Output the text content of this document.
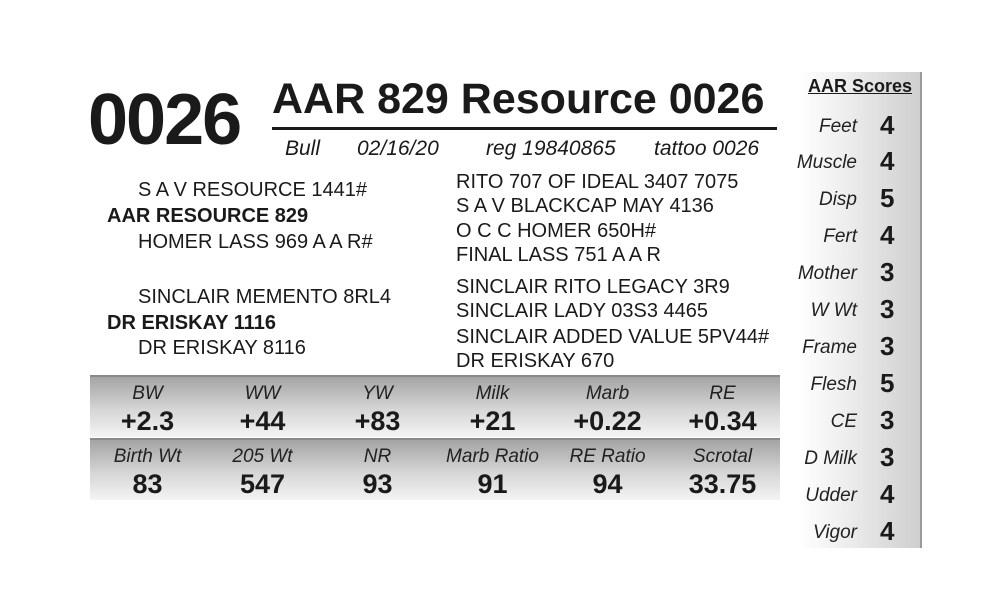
0026 AAR 829 Resource 0026
Bull 02/16/20 reg 19840865 tattoo 0026
S A V RESOURCE 1441#
AAR RESOURCE 829
HOMER LASS 969 A A R#
RITO 707 OF IDEAL 3407 7075
S A V BLACKCAP MAY 4136
O C C HOMER 650H#
FINAL LASS 751 A A R
SINCLAIR MEMENTO 8RL4
DR ERISKAY 1116
DR ERISKAY 8116
SINCLAIR RITO LEGACY 3R9
SINCLAIR LADY 03S3 4465
SINCLAIR ADDED VALUE 5PV44#
DR ERISKAY 670
BW
+2.3
WW
+44
YW
+83
Milk
+21
Marb
+0.22
RE
+0.34
Birth Wt
83
205 Wt
547
NR
93
Marb Ratio
91
RE Ratio
94
Scrotal
33.75
AAR Scores
Feet 4
Muscle 4
Disp 5
Fert 4
Mother 3
W Wt 3
Frame 3
Flesh 5
CE 3
D Milk 3
Udder 4
Vigor 4
